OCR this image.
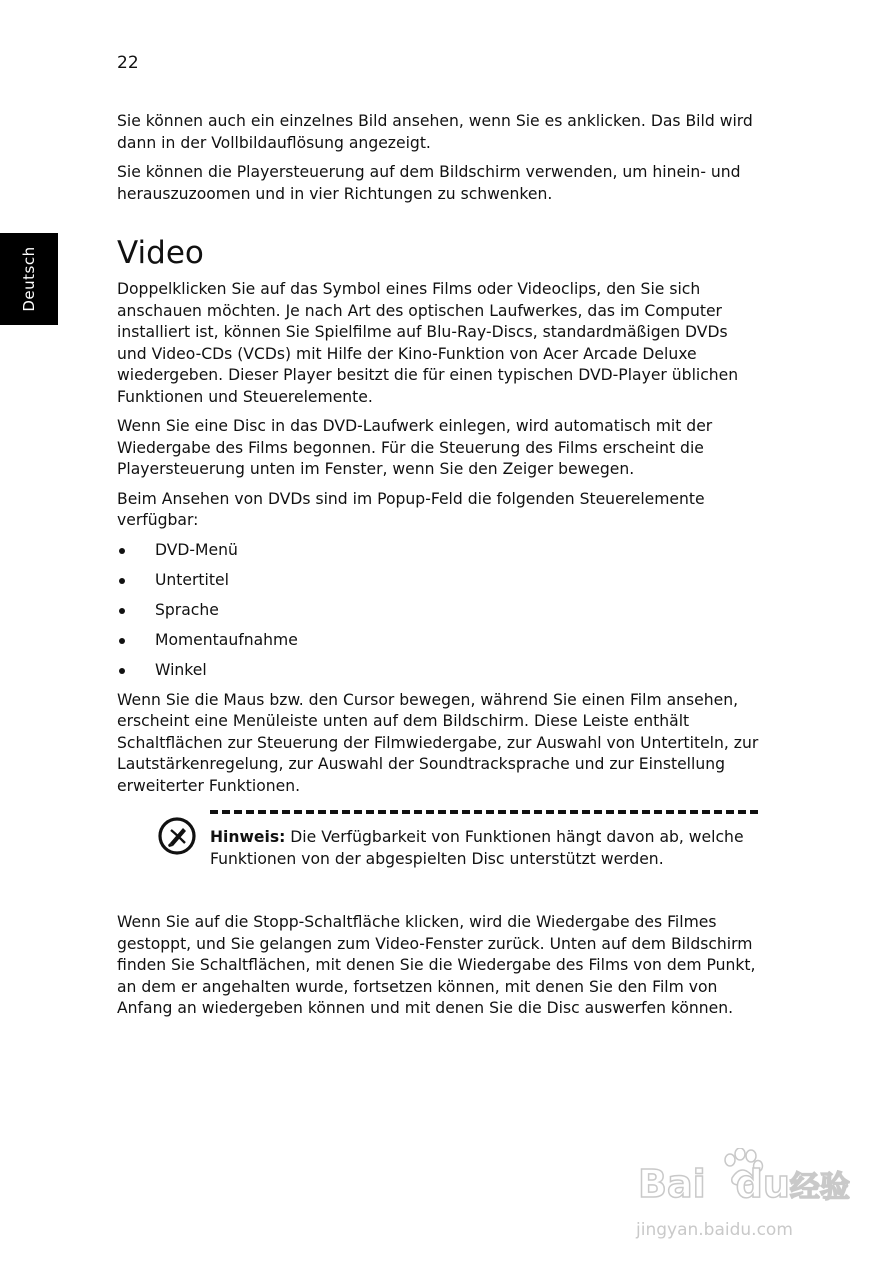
22
Deutsch

Sie können auch ein einzelnes Bild ansehen, wenn Sie es anklicken. Das Bild wird dann in der Vollbildauflösung angezeigt.

Sie können die Playersteuerung auf dem Bildschirm verwenden, um hinein- und herauszuzoomen und in vier Richtungen zu schwenken.

Video

Doppelklicken Sie auf das Symbol eines Films oder Videoclips, den Sie sich anschauen möchten. Je nach Art des optischen Laufwerkes, das im Computer installiert ist, können Sie Spielfilme auf Blu-Ray-Discs, standardmäßigen DVDs und Video-CDs (VCDs) mit Hilfe der Kino-Funktion von Acer Arcade Deluxe wiedergeben. Dieser Player besitzt die für einen typischen DVD-Player üblichen Funktionen und Steuerelemente.

Wenn Sie eine Disc in das DVD-Laufwerk einlegen, wird automatisch mit der Wiedergabe des Films begonnen. Für die Steuerung des Films erscheint die Playersteuerung unten im Fenster, wenn Sie den Zeiger bewegen.

Beim Ansehen von DVDs sind im Popup-Feld die folgenden Steuerelemente verfügbar:

DVD-Menü
Untertitel
Sprache
Momentaufnahme
Winkel

Wenn Sie die Maus bzw. den Cursor bewegen, während Sie einen Film ansehen, erscheint eine Menüleiste unten auf dem Bildschirm. Diese Leiste enthält Schaltflächen zur Steuerung der Filmwiedergabe, zur Auswahl von Untertiteln, zur Lautstärkenregelung, zur Auswahl der Soundtracksprache und zur Einstellung erweiterter Funktionen.

Hinweis: Die Verfügbarkeit von Funktionen hängt davon ab, welche Funktionen von der abgespielten Disc unterstützt werden.

Wenn Sie auf die Stopp-Schaltfläche klicken, wird die Wiedergabe des Filmes gestoppt, und Sie gelangen zum Video-Fenster zurück. Unten auf dem Bildschirm finden Sie Schaltflächen, mit denen Sie die Wiedergabe des Films von dem Punkt, an dem er angehalten wurde, fortsetzen können, mit denen Sie den Film von Anfang an wiedergeben können und mit denen Sie die Disc auswerfen können.

Bai du经验
jingyan.baidu.com
